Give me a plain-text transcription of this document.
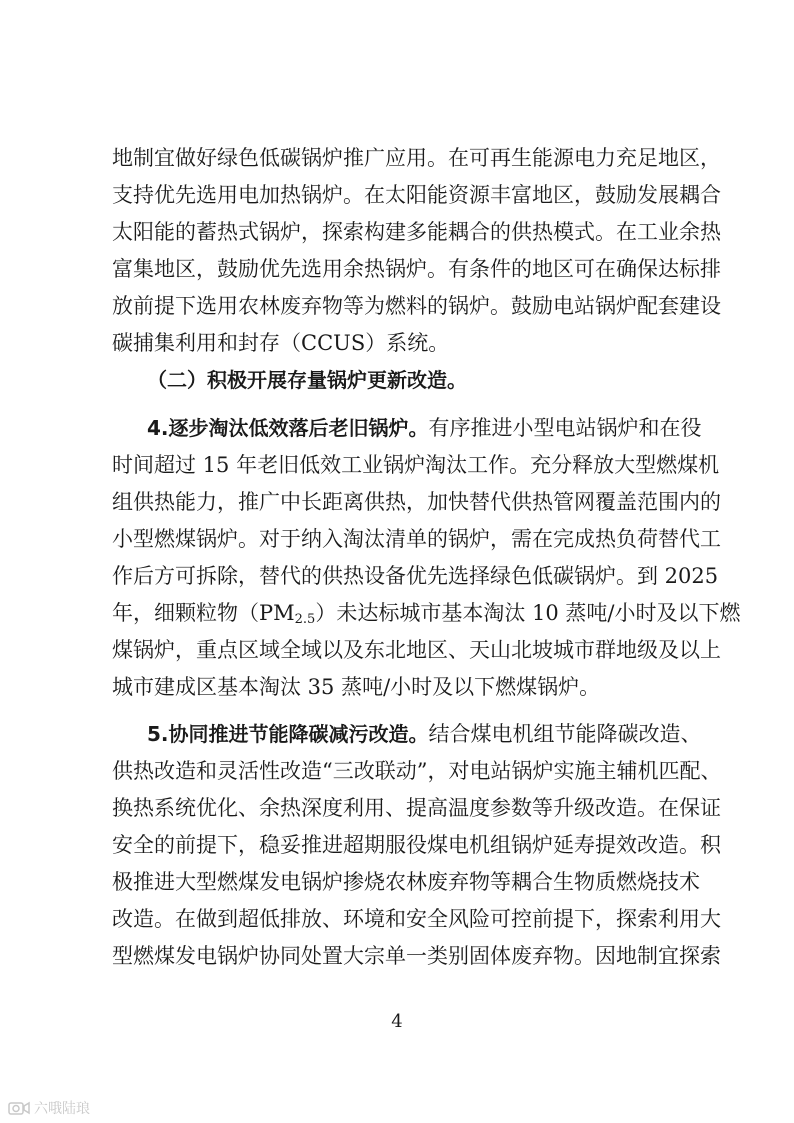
地制宜做好绿色低碳锅炉推广应用。在可再生能源电力充足地区，
支持优先选用电加热锅炉。在太阳能资源丰富地区，鼓励发展耦合
太阳能的蓄热式锅炉，探索构建多能耦合的供热模式。在工业余热
富集地区，鼓励优先选用余热锅炉。有条件的地区可在确保达标排
放前提下选用农林废弃物等为燃料的锅炉。鼓励电站锅炉配套建设
碳捕集利用和封存（CCUS）系统。
（二）积极开展存量锅炉更新改造。
4.逐步淘汰低效落后老旧锅炉。有序推进小型电站锅炉和在役
时间超过 15 年老旧低效工业锅炉淘汰工作。充分释放大型燃煤机
组供热能力，推广中长距离供热，加快替代供热管网覆盖范围内的
小型燃煤锅炉。对于纳入淘汰清单的锅炉，需在完成热负荷替代工
作后方可拆除，替代的供热设备优先选择绿色低碳锅炉。到 2025
年，细颗粒物$(PM_{2.5})$未达标城市基本淘汰 10 蒸吨/小时及以下燃
煤锅炉，重点区域全域以及东北地区、天山北坡城市群地级及以上
城市建成区基本淘汰 35 蒸吨/小时及以下燃煤锅炉。
5.协同推进节能降碳减污改造。结合煤电机组节能降碳改造、
供热改造和灵活性改造“三改联动”，对电站锅炉实施主辅机匹配、
换热系统优化、余热深度利用、提高温度参数等升级改造。在保证
安全的前提下，稳妥推进超期服役煤电机组锅炉延寿提效改造。积
极推进大型燃煤发电锅炉掺烧农林废弃物等耦合生物质燃烧技术
改造。在做到超低排放、环境和安全风险可控前提下，探索利用大
型燃煤发电锅炉协同处置大宗单一类别固体废弃物。因地制宜探索
4
六哦陆琅
